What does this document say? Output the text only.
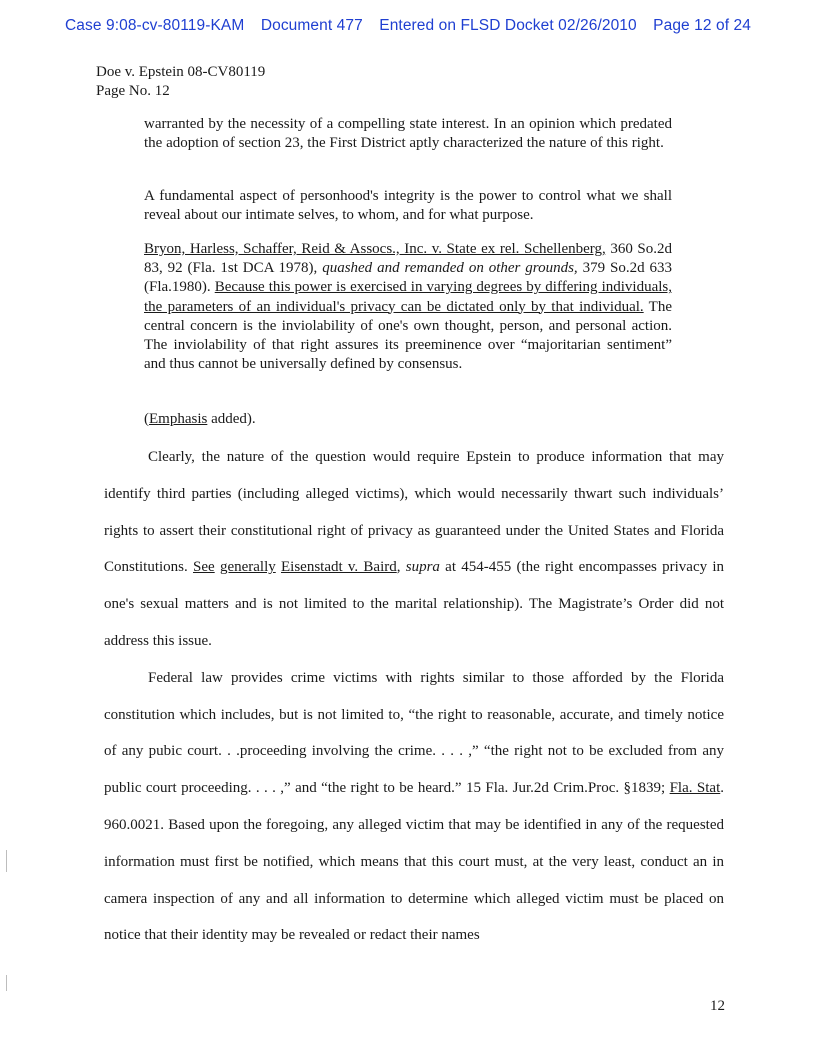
Case 9:08-cv-80119-KAM Document 477 Entered on FLSD Docket 02/26/2010 Page 12 of 24
Doe v. Epstein 08-CV80119
Page No. 12
warranted by the necessity of a compelling state interest. In an opinion which predated the adoption of section 23, the First District aptly characterized the nature of this right.
A fundamental aspect of personhood's integrity is the power to control what we shall reveal about our intimate selves, to whom, and for what purpose.
Bryon, Harless, Schaffer, Reid & Assocs., Inc. v. State ex rel. Schellenberg, 360 So.2d 83, 92 (Fla. 1st DCA 1978), quashed and remanded on other grounds, 379 So.2d 633 (Fla.1980). Because this power is exercised in varying degrees by differing individuals, the parameters of an individual's privacy can be dictated only by that individual. The central concern is the inviolability of one's own thought, person, and personal action. The inviolability of that right assures its preeminence over “majoritarian sentiment” and thus cannot be universally defined by consensus.
(Emphasis added).

Clearly, the nature of the question would require Epstein to produce information that may identify third parties (including alleged victims), which would necessarily thwart such individuals’ rights to assert their constitutional right of privacy as guaranteed under the United States and Florida Constitutions. See generally Eisenstadt v. Baird, supra at 454-455 (the right encompasses privacy in one's sexual matters and is not limited to the marital relationship). The Magistrate’s Order did not address this issue.

Federal law provides crime victims with rights similar to those afforded by the Florida constitution which includes, but is not limited to, “the right to reasonable, accurate, and timely notice of any pubic court. . .proceeding involving the crime. . . . ,” “the right not to be excluded from any public court proceeding. . . . ,” and “the right to be heard.” 15 Fla. Jur.2d Crim.Proc. §1839; Fla. Stat. 960.0021. Based upon the foregoing, any alleged victim that may be identified in any of the requested information must first be notified, which means that this court must, at the very least, conduct an in camera inspection of any and all information to determine which alleged victim must be placed on notice that their identity may be revealed or redact their names

12
